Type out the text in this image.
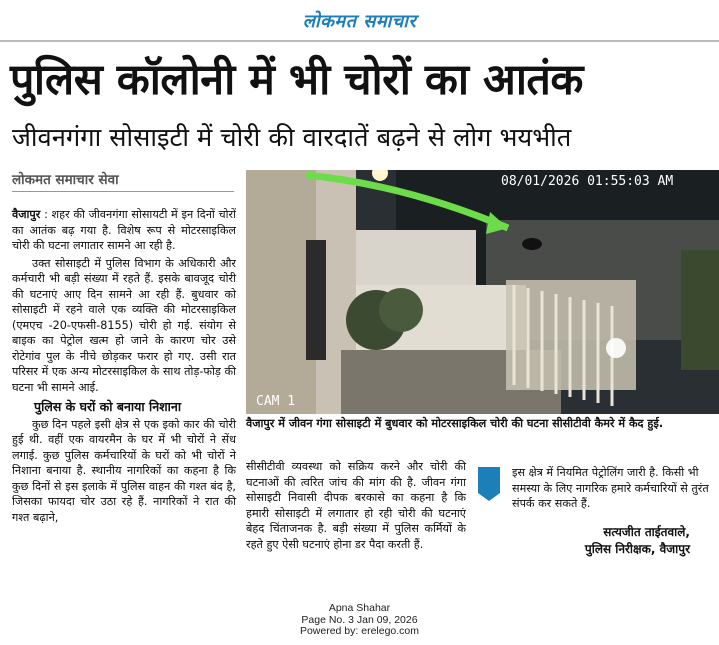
लोकमत समाचार
पुलिस कॉलोनी में भी चोरों का आतंक
जीवनगंगा सोसाइटी में चोरी की वारदातें बढ़ने से लोग भयभीत
लोकमत समाचार सेवा

वैजापुर : शहर की जीवनगंगा सोसायटी में इन दिनों चोरों का आतंक बढ़ गया है. विशेष रूप से मोटरसाइकिल चोरी की घटना लगातार सामने आ रही है.

उक्त सोसाइटी में पुलिस विभाग के अधिकारी और कर्मचारी भी बड़ी संख्या में रहते हैं. इसके बावजूद चोरी की घटनाएं आए दिन सामने आ रही हैं. बुधवार को सोसाइटी में रहने वाले एक व्यक्ति की मोटरसाइकिल (एमएच -20-एफसी-8155) चोरी हो गई. संयोग से बाइक का पेट्रोल खत्म हो जाने के कारण चोर उसे रोटेगांव पुल के नीचे छोड़कर फरार हो गए. उसी रात परिसर में एक अन्य मोटरसाइकिल के साथ तोड़-फोड़ की घटना भी सामने आई.

पुलिस के घरों को बनाया निशाना

कुछ दिन पहले इसी क्षेत्र से एक इको कार की चोरी हुई थी. वहीं एक वायरमैन के घर में भी चोरों ने सेंध लगाई. कुछ पुलिस कर्मचारियों के घरों को भी चोरों ने निशाना बनाया है. स्थानीय नागरिकों का कहना है कि कुछ दिनों से इस इलाके में पुलिस वाहन की गश्त बंद है, जिसका फायदा चोर उठा रहे हैं. नागरिकों ने रात की गश्त बढ़ाने,

08/01/2026 01:55:03 AM
CAM 1
वैजापुर में जीवन गंगा सोसाइटी में बुधवार को मोटरसाइकिल चोरी की घटना सीसीटीवी कैमरे में कैद हुई.

सीसीटीवी व्यवस्था को सक्रिय करने और चोरी की घटनाओं की त्वरित जांच की मांग की है. जीवन गंगा सोसाइटी निवासी दीपक बरकासे का कहना है कि हमारी सोसाइटी में लगातार हो रही चोरी की घटनाएं बेहद चिंताजनक है. बड़ी संख्या में पुलिस कर्मियों के रहते हुए ऐसी घटनाएं होना डर पैदा करती हैं.

इस क्षेत्र में नियमित पेट्रोलिंग जारी है. किसी भी समस्या के लिए नागरिक हमारे कर्मचारियों से तुरंत संपर्क कर सकते हैं.
सत्यजीत ताईतवाले,
पुलिस निरीक्षक, वैजापुर
Apna Shahar
Page No. 3 Jan 09, 2026
Powered by: erelego.com
